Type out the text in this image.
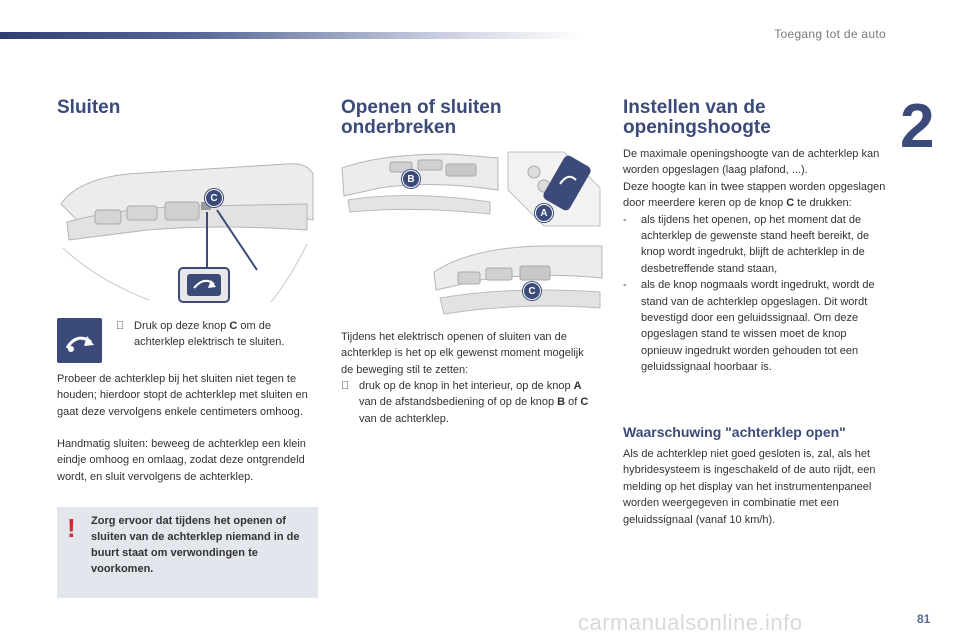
Toegang tot de auto
2
Sluiten
C
Druk op deze knop C om de achterklep elektrisch te sluiten.
Probeer de achterklep bij het sluiten niet tegen te houden; hierdoor stopt de achterklep met sluiten en gaat deze vervolgens enkele centimeters omhoog.
Handmatig sluiten: beweeg de achterklep een klein eindje omhoog en omlaag, zodat deze ontgrendeld wordt, en sluit vervolgens de achterklep.
! Zorg ervoor dat tijdens het openen of sluiten van de achterklep niemand in de buurt staat om verwondingen te voorkomen.
Openen of sluiten
onderbreken
B
A
C
Tijdens het elektrisch openen of sluiten van de achterklep is het op elk gewenst moment mogelijk de beweging stil te zetten:
druk op de knop in het interieur, op de knop A van de afstandsbediening of op de knop B of C van de achterklep.
Instellen van de
openingshoogte
De maximale openingshoogte van de achterklep kan worden opgeslagen (laag plafond, ...).
Deze hoogte kan in twee stappen worden opgeslagen door meerdere keren op de knop C te drukken:
- als tijdens het openen, op het moment dat de achterklep de gewenste stand heeft bereikt, de knop wordt ingedrukt, blijft de achterklep in de desbetreffende stand staan,
- als de knop nogmaals wordt ingedrukt, wordt de stand van de achterklep opgeslagen. Dit wordt bevestigd door een geluidssignaal. Om deze opgeslagen stand te wissen moet de knop opnieuw ingedrukt worden gehouden tot een geluidssignaal hoorbaar is.
Waarschuwing "achterklep open"
Als de achterklep niet goed gesloten is, zal, als het hybridesysteem is ingeschakeld of de auto rijdt, een melding op het display van het instrumentenpaneel worden weergegeven in combinatie met een geluidssignaal (vanaf 10 km/h).
carmanualsonline.info	81
